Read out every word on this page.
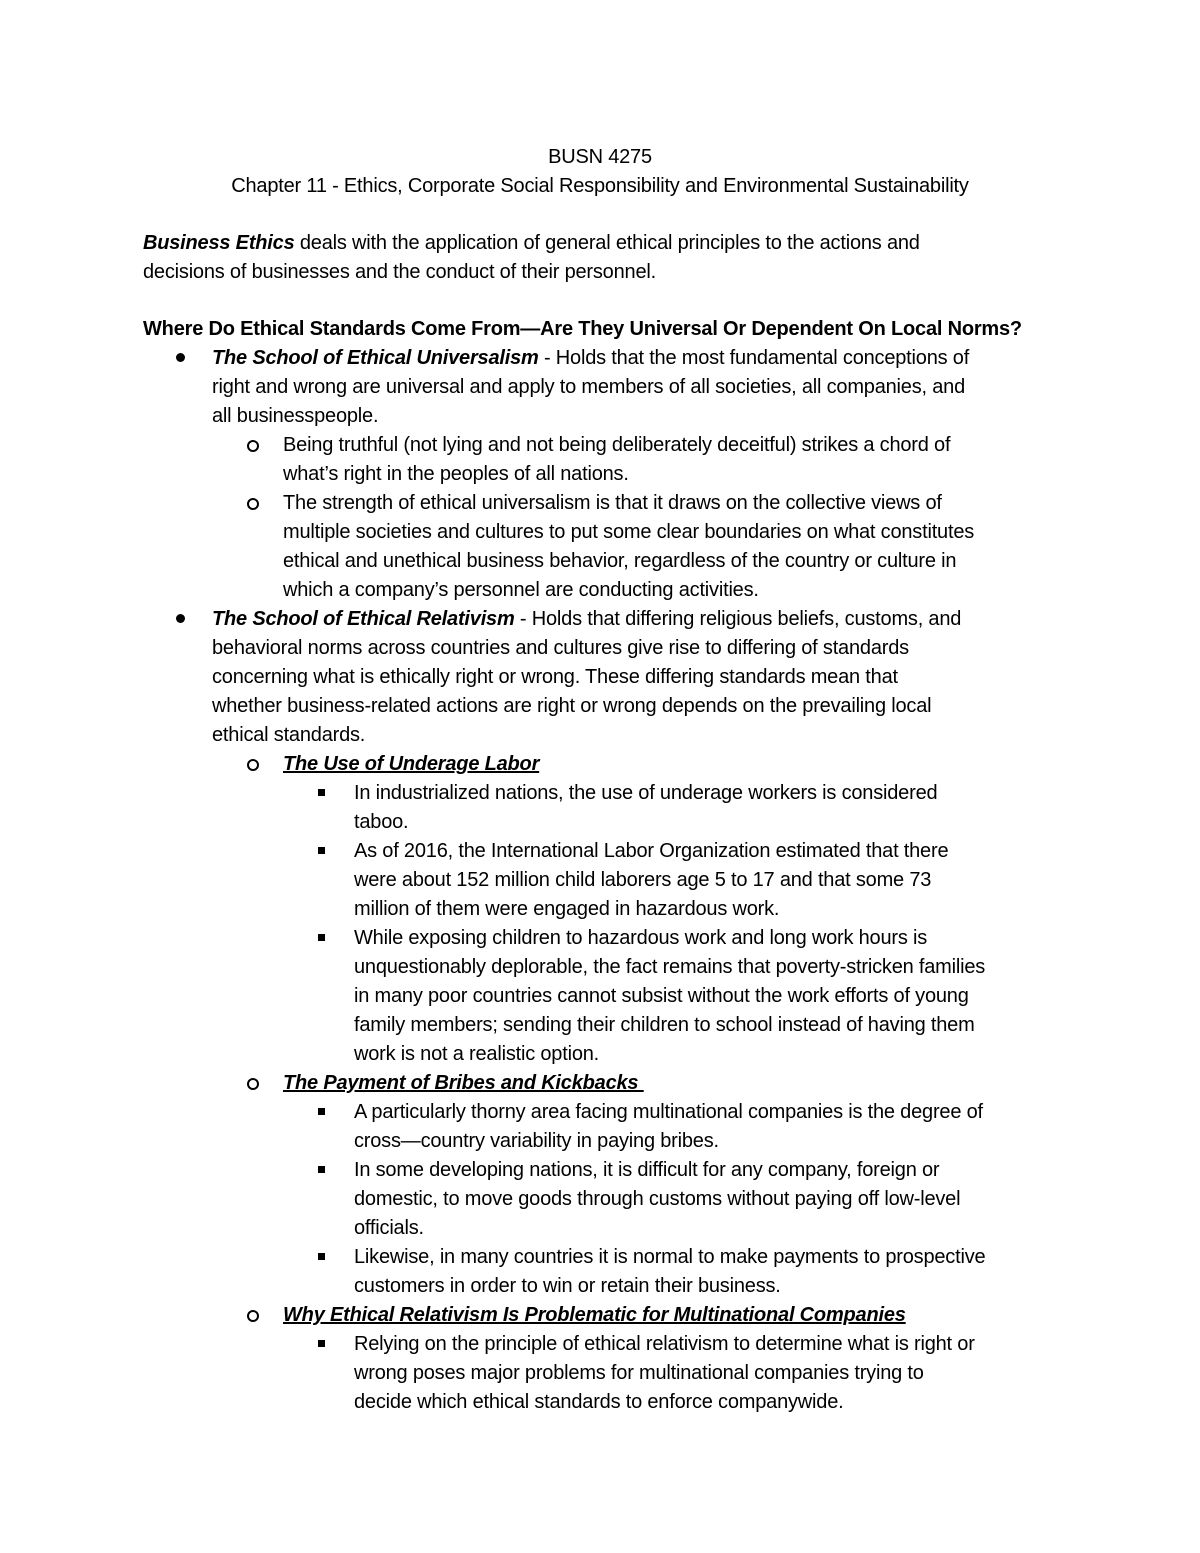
BUSN 4275
Chapter 11 - Ethics, Corporate Social Responsibility and Environmental Sustainability
Business Ethics deals with the application of general ethical principles to the actions and
decisions of businesses and the conduct of their personnel.
Where Do Ethical Standards Come From—Are They Universal Or Dependent On Local Norms?
The School of Ethical Universalism - Holds that the most fundamental conceptions of
right and wrong are universal and apply to members of all societies, all companies, and
all businesspeople.
Being truthful (not lying and not being deliberately deceitful) strikes a chord of
what’s right in the peoples of all nations.
The strength of ethical universalism is that it draws on the collective views of
multiple societies and cultures to put some clear boundaries on what constitutes
ethical and unethical business behavior, regardless of the country or culture in
which a company’s personnel are conducting activities.
The School of Ethical Relativism - Holds that differing religious beliefs, customs, and
behavioral norms across countries and cultures give rise to differing of standards
concerning what is ethically right or wrong. These differing standards mean that
whether business-related actions are right or wrong depends on the prevailing local
ethical standards.
The Use of Underage Labor
In industrialized nations, the use of underage workers is considered
taboo.
As of 2016, the International Labor Organization estimated that there
were about 152 million child laborers age 5 to 17 and that some 73
million of them were engaged in hazardous work.
While exposing children to hazardous work and long work hours is
unquestionably deplorable, the fact remains that poverty-stricken families
in many poor countries cannot subsist without the work efforts of young
family members; sending their children to school instead of having them
work is not a realistic option.
The Payment of Bribes and Kickbacks
A particularly thorny area facing multinational companies is the degree of
cross—country variability in paying bribes.
In some developing nations, it is difficult for any company, foreign or
domestic, to move goods through customs without paying off low-level
officials.
Likewise, in many countries it is normal to make payments to prospective
customers in order to win or retain their business.
Why Ethical Relativism Is Problematic for Multinational Companies
Relying on the principle of ethical relativism to determine what is right or
wrong poses major problems for multinational companies trying to
decide which ethical standards to enforce companywide.
